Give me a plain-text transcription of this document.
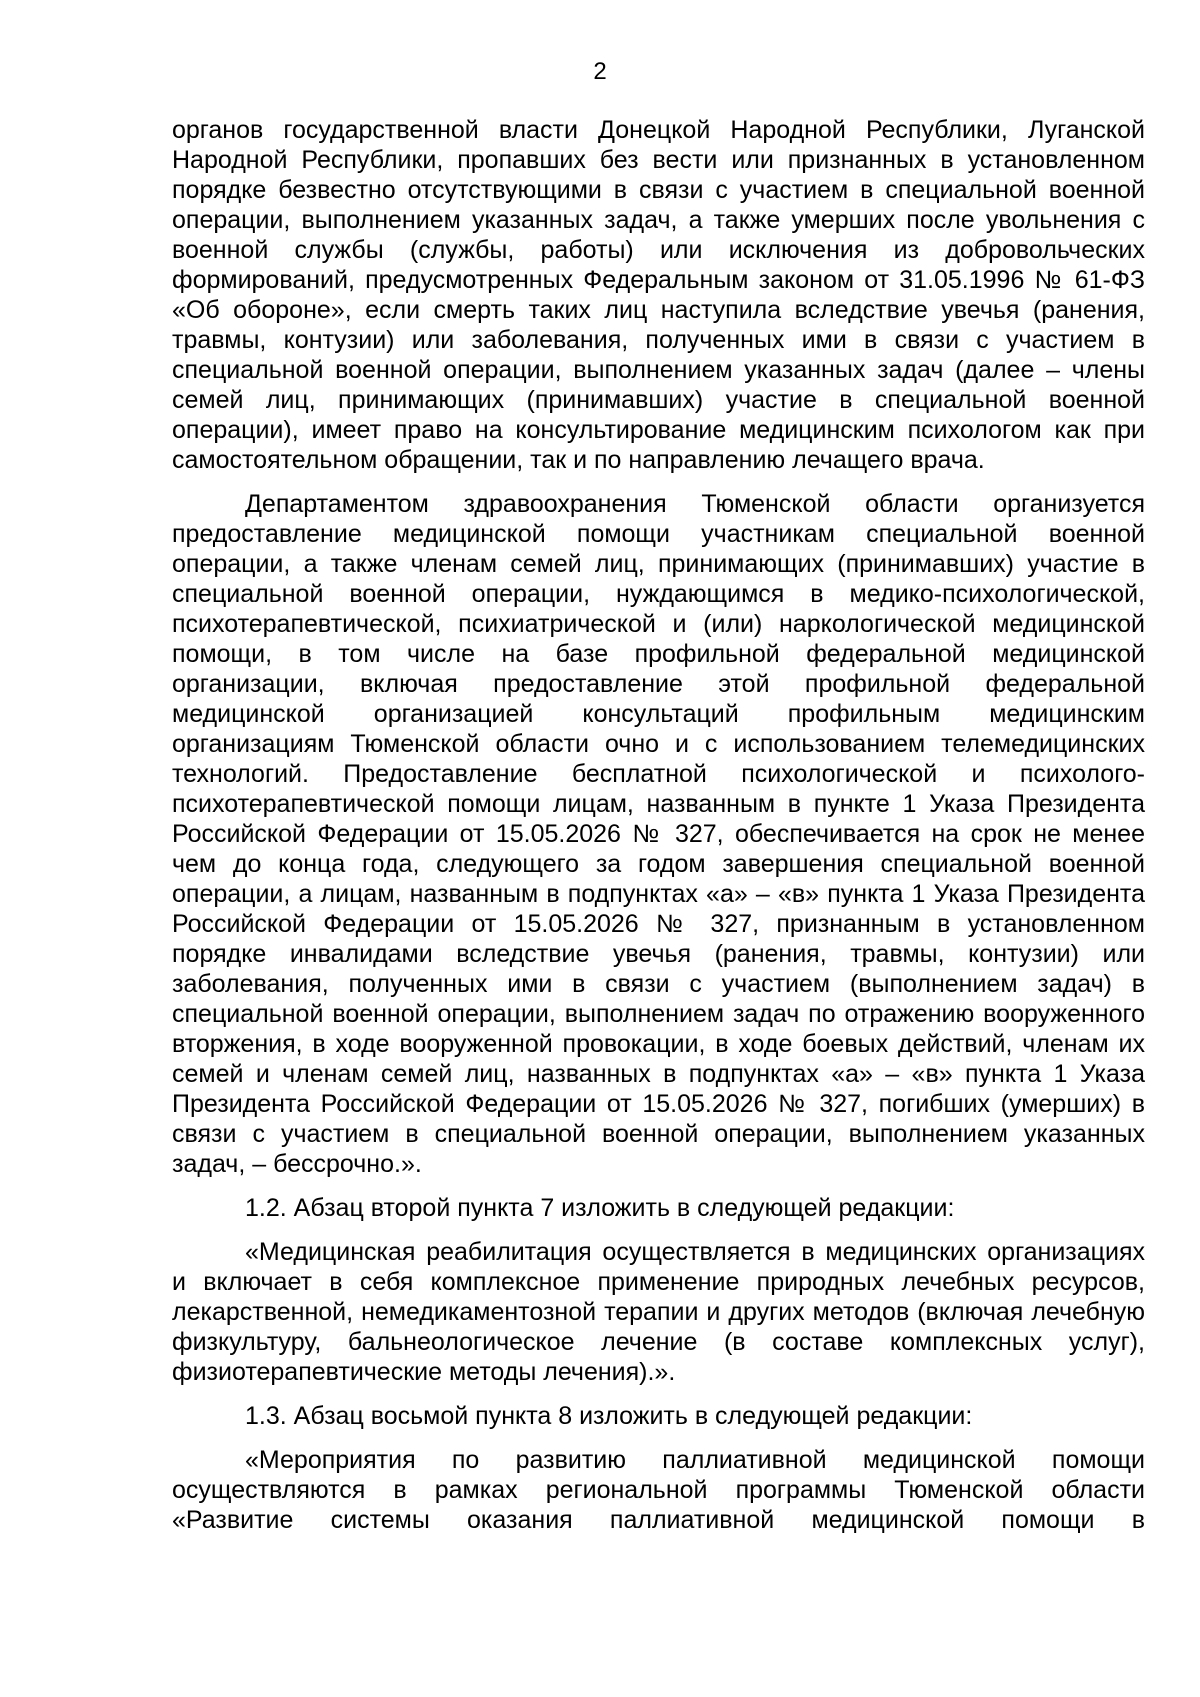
2

органов государственной власти Донецкой Народной Республики, Луганской Народной Республики, пропавших без вести или признанных в установленном порядке безвестно отсутствующими в связи с участием в специальной военной операции, выполнением указанных задач, а также умерших после увольнения с военной службы (службы, работы) или исключения из добровольческих формирований, предусмотренных Федеральным законом от 31.05.1996 № 61-ФЗ «Об обороне», если смерть таких лиц наступила вследствие увечья (ранения, травмы, контузии) или заболевания, полученных ими в связи с участием в специальной военной операции, выполнением указанных задач (далее – члены семей лиц, принимающих (принимавших) участие в специальной военной операции), имеет право на консультирование медицинским психологом как при самостоятельном обращении, так и по направлению лечащего врача.

Департаментом здравоохранения Тюменской области организуется предоставление медицинской помощи участникам специальной военной операции, а также членам семей лиц, принимающих (принимавших) участие в специальной военной операции, нуждающимся в медико-психологической, психотерапевтической, психиатрической и (или) наркологической медицинской помощи, в том числе на базе профильной федеральной медицинской организации, включая предоставление этой профильной федеральной медицинской организацией консультаций профильным медицинским организациям Тюменской области очно и с использованием телемедицинских технологий. Предоставление бесплатной психологической и психолого-психотерапевтической помощи лицам, названным в пункте 1 Указа Президента Российской Федерации от 15.05.2026 № 327, обеспечивается на срок не менее чем до конца года, следующего за годом завершения специальной военной операции, а лицам, названным в подпунктах «а» – «в» пункта 1 Указа Президента Российской Федерации от 15.05.2026 № 327, признанным в установленном порядке инвалидами вследствие увечья (ранения, травмы, контузии) или заболевания, полученных ими в связи с участием (выполнением задач) в специальной военной операции, выполнением задач по отражению вооруженного вторжения, в ходе вооруженной провокации, в ходе боевых действий, членам их семей и членам семей лиц, названных в подпунктах «а» – «в» пункта 1 Указа Президента Российской Федерации от 15.05.2026 № 327, погибших (умерших) в связи с участием в специальной военной операции, выполнением указанных задач, – бессрочно.».

1.2. Абзац второй пункта 7 изложить в следующей редакции:

«Медицинская реабилитация осуществляется в медицинских организациях и включает в себя комплексное применение природных лечебных ресурсов, лекарственной, немедикаментозной терапии и других методов (включая лечебную физкультуру, бальнеологическое лечение (в составе комплексных услуг), физиотерапевтические методы лечения).».

1.3. Абзац восьмой пункта 8 изложить в следующей редакции:

«Мероприятия по развитию паллиативной медицинской помощи осуществляются в рамках региональной программы Тюменской области «Развитие системы оказания паллиативной медицинской помощи в
